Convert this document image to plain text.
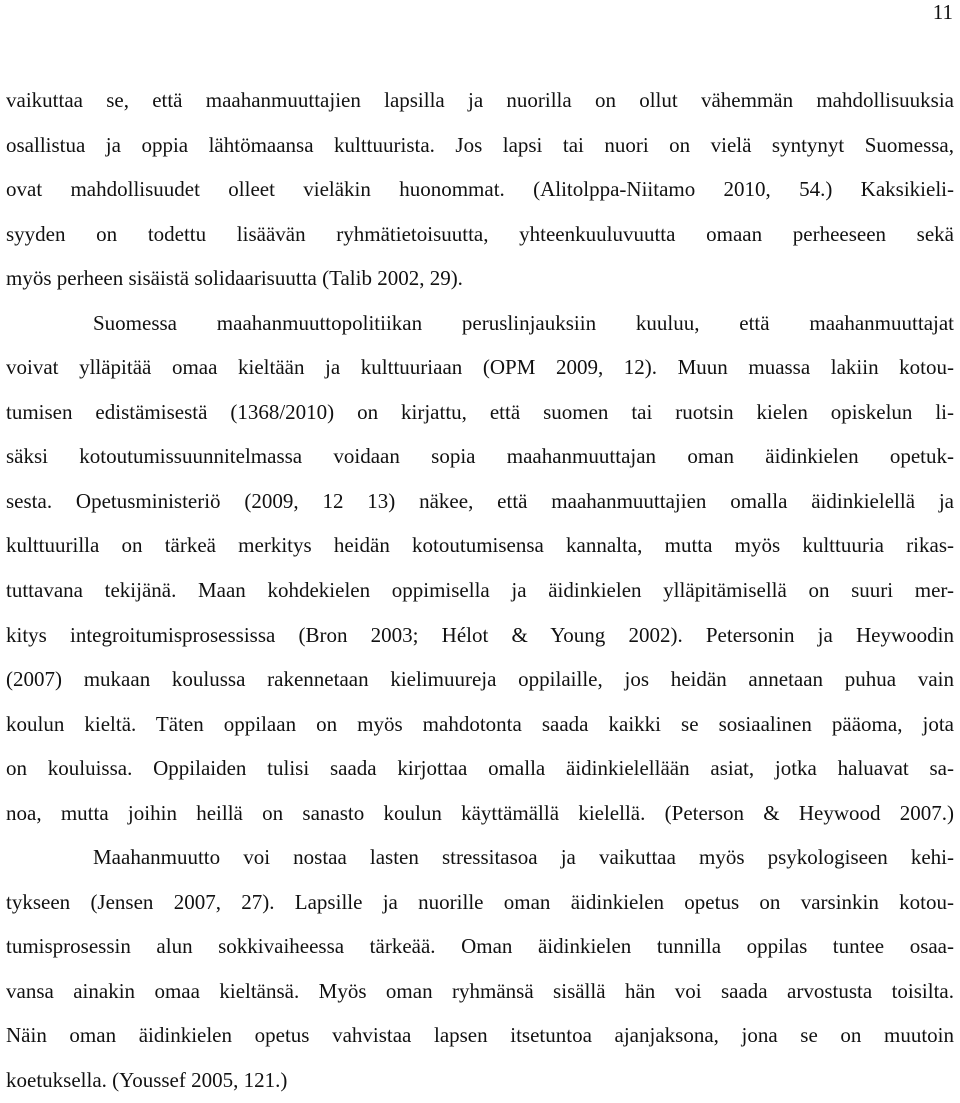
11
vaikuttaa se, että maahanmuuttajien lapsilla ja nuorilla on ollut vähemmän mahdollisuuksia
osallistua ja oppia lähtömaansa kulttuurista. Jos lapsi tai nuori on vielä syntynyt Suomessa,
ovat mahdollisuudet olleet vieläkin huonommat. (Alitolppa-Niitamo 2010, 54.) Kaksikieli-
syyden on todettu lisäävän ryhmätietoisuutta, yhteenkuuluvuutta omaan perheeseen sekä
myös perheen sisäistä solidaarisuutta (Talib 2002, 29).
Suomessa maahanmuuttopolitiikan peruslinjauksiin kuuluu, että maahanmuuttajat
voivat ylläpitää omaa kieltään ja kulttuuriaan (OPM 2009, 12). Muun muassa lakiin kotou-
tumisen edistämisestä (1368/2010) on kirjattu, että suomen tai ruotsin kielen opiskelun li-
säksi kotoutumissuunnitelmassa voidaan sopia maahanmuuttajan oman äidinkielen opetuk-
sesta. Opetusministeriö (2009, 12 13) näkee, että maahanmuuttajien omalla äidinkielellä ja
kulttuurilla on tärkeä merkitys heidän kotoutumisensa kannalta, mutta myös kulttuuria rikas-
tuttavana tekijänä. Maan kohdekielen oppimisella ja äidinkielen ylläpitämisellä on suuri mer-
kitys integroitumisprosessissa (Bron 2003; Hélot & Young 2002). Petersonin ja Heywoodin
(2007) mukaan koulussa rakennetaan kielimuureja oppilaille, jos heidän annetaan puhua vain
koulun kieltä. Täten oppilaan on myös mahdotonta saada kaikki se sosiaalinen pääoma, jota
on kouluissa. Oppilaiden tulisi saada kirjottaa omalla äidinkielellään asiat, jotka haluavat sa-
noa, mutta joihin heillä on sanasto koulun käyttämällä kielellä. (Peterson & Heywood 2007.)
Maahanmuutto voi nostaa lasten stressitasoa ja vaikuttaa myös psykologiseen kehi-
tykseen (Jensen 2007, 27). Lapsille ja nuorille oman äidinkielen opetus on varsinkin kotou-
tumisprosessin alun sokkivaiheessa tärkeää. Oman äidinkielen tunnilla oppilas tuntee osaa-
vansa ainakin omaa kieltänsä. Myös oman ryhmänsä sisällä hän voi saada arvostusta toisilta.
Näin oman äidinkielen opetus vahvistaa lapsen itsetuntoa ajanjaksona, jona se on muutoin
koetuksella. (Youssef 2005, 121.)
